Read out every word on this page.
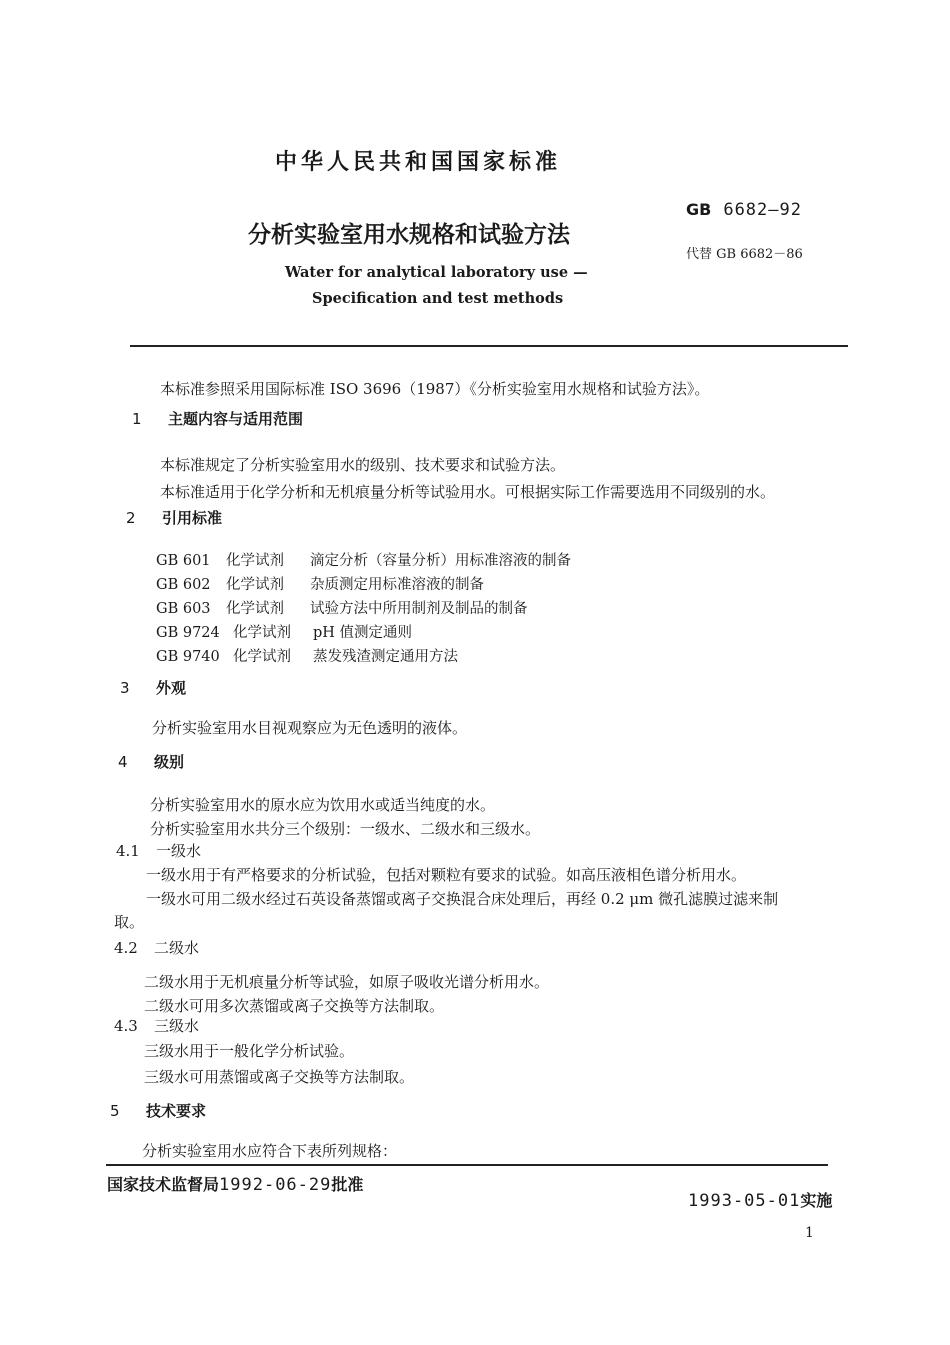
中华人民共和国国家标准
分析实验室用水规格和试验方法
GB 6682—92
代替 GB 6682－86
Water for analytical laboratory use —
Specification and test methods
本标准参照采用国际标准 ISO 3696（1987）《分析实验室用水规格和试验方法》。
1 主题内容与适用范围
本标准规定了分析实验室用水的级别、技术要求和试验方法。
本标准适用于化学分析和无机痕量分析等试验用水。可根据实际工作需要选用不同级别的水。
2 引用标准
GB 601 化学试剂 滴定分析（容量分析）用标准溶液的制备
GB 602 化学试剂 杂质测定用标准溶液的制备
GB 603 化学试剂 试验方法中所用制剂及制品的制备
GB 9724 化学试剂 pH 值测定通则
GB 9740 化学试剂 蒸发残渣测定通用方法
3 外观
分析实验室用水目视观察应为无色透明的液体。
4 级别
分析实验室用水的原水应为饮用水或适当纯度的水。
分析实验室用水共分三个级别：一级水、二级水和三级水。
4.1 一级水
一级水用于有严格要求的分析试验，包括对颗粒有要求的试验。如高压液相色谱分析用水。
一级水可用二级水经过石英设备蒸馏或离子交换混合床处理后，再经 0.2 μm 微孔滤膜过滤来制
取。
4.2 二级水
二级水用于无机痕量分析等试验，如原子吸收光谱分析用水。
二级水可用多次蒸馏或离子交换等方法制取。
4.3 三级水
三级水用于一般化学分析试验。
三级水可用蒸馏或离子交换等方法制取。
5 技术要求
分析实验室用水应符合下表所列规格：
国家技术监督局1992-06-29批准
1993-05-01实施
1
